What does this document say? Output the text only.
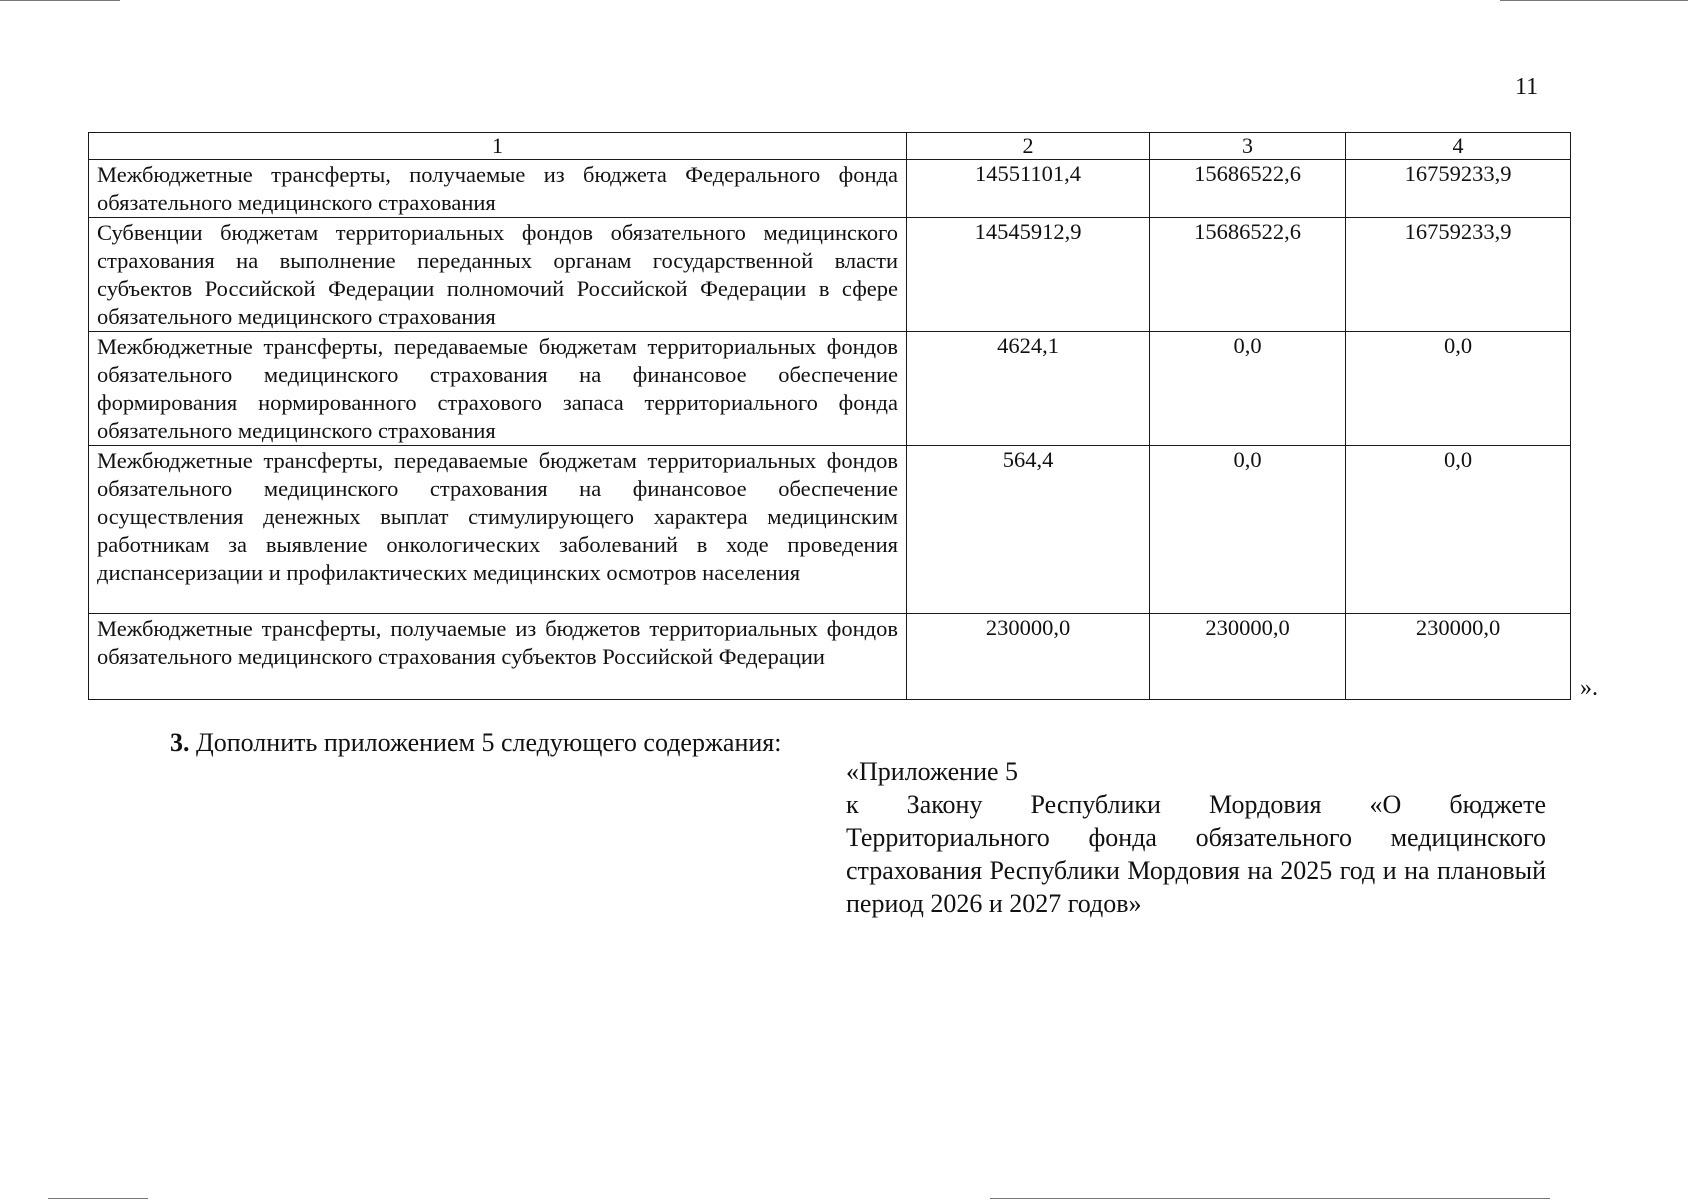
11
1	2	3	4
Межбюджетные трансферты, получаемые из бюджета Федерального фонда обязательного медицинского страхования	14551101,4	15686522,6	16759233,9
Субвенции бюджетам территориальных фондов обязательного медицинского страхования на выполнение переданных органам государственной власти субъектов Российской Федерации полномочий Российской Федерации в сфере обязательного медицинского страхования	14545912,9	15686522,6	16759233,9
Межбюджетные трансферты, передаваемые бюджетам территориальных фондов обязательного медицинского страхования на финансовое обеспечение формирования нормированного страхового запаса территориального фонда обязательного медицинского страхования	4624,1	0,0	0,0
Межбюджетные трансферты, передаваемые бюджетам территориальных фондов обязательного медицинского страхования на финансовое обеспечение осуществления денежных выплат стимулирующего характера медицинским работникам за выявление онкологических заболеваний в ходе проведения диспансеризации и профилактических медицинских осмотров населения	564,4	0,0	0,0
Межбюджетные трансферты, получаемые из бюджетов территориальных фондов обязательного медицинского страхования субъектов Российской Федерации	230000,0	230000,0	230000,0
».
3. Дополнить приложением 5 следующего содержания:
«Приложение 5
к Закону Республики Мордовия «О бюджете Территориального фонда обязательного медицинского страхования Республики Мордовия на 2025 год и на плановый период 2026 и 2027 годов»
